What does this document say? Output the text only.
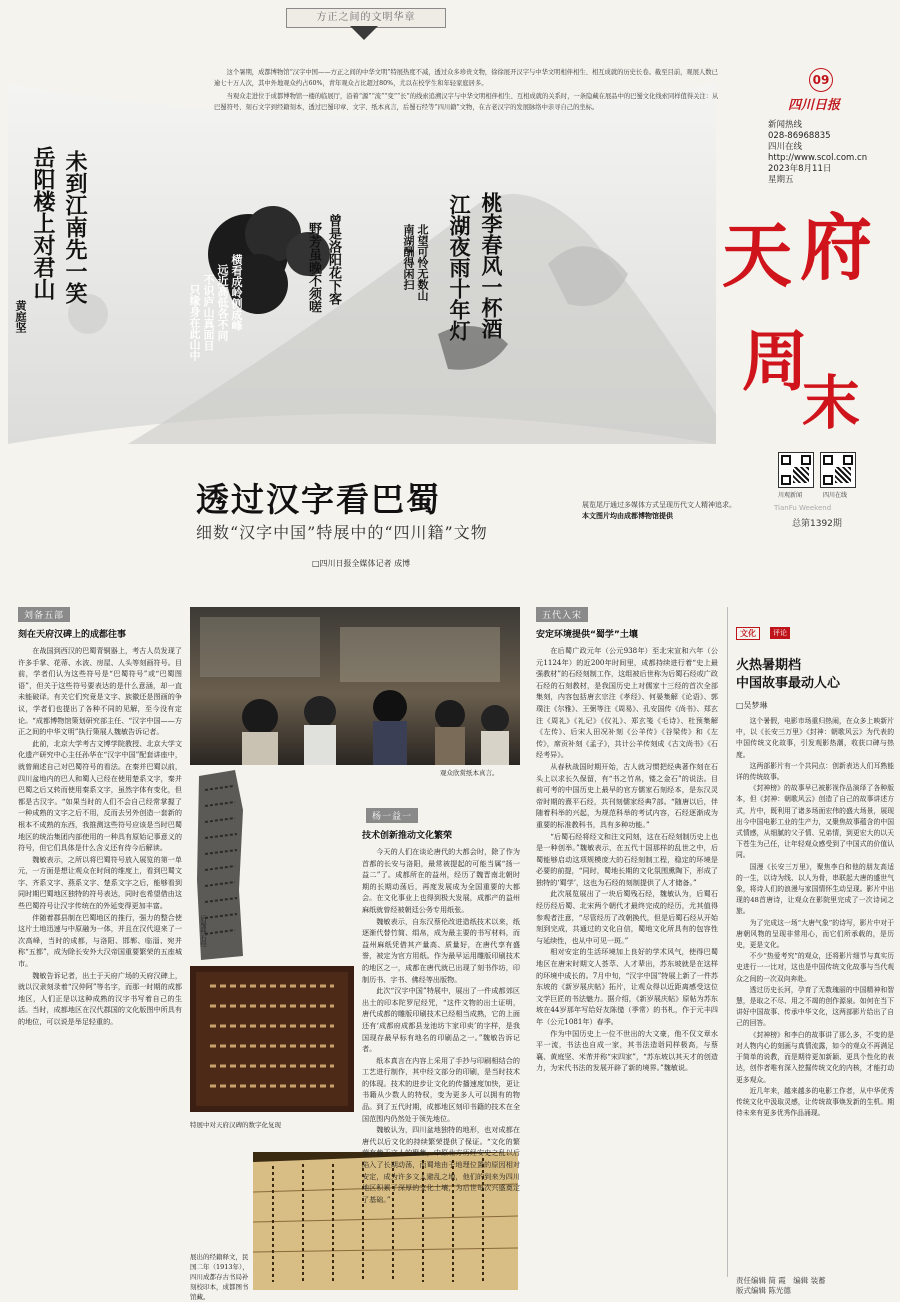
方正之间的文明华章
未到江南先一笑
岳阳楼上对君山
黄庭坚	桃李春风一杯酒
江湖夜雨十年灯
曾是洛阳花下客
野芳虽晚不须嗟	北望可怜无数山
南湖酬得闲扫
横看成岭侧成峰
远近高低各不同
不识庐山真面目
只缘身在此山中

这个暑期，成都博物馆“汉字中国——方正之间的中华文明”特展热度不减，透过众多珍贵文物，徐徐展开汉字与中华文明相伴相生、相互成就的历史长卷。截至目前，观展人数已逾七十万人次，其中外地观众约占60%，青年观众占比超过80%，尤以在校学生和年轻家庭居多。

当观众走进位于成都博物馆一楼的临展厅，沿着“源”“流”“变”“长”的线索追溯汉字与中华文明相伴相生、互相成就的关系时，一条隐藏在展品中的巴蜀文化线索同样值得关注：从巴蜀符号、刻石文字到经籍刻本，透过巴蜀印章、文字、纸本真言，后蜀石经等“四川籍”文物，在古老汉字的发展脉络中亲寻自己的坐标。

透过汉字看巴蜀
细数“汉字中国”特展中的“四川籍”文物
□四川日报全媒体记者 成博
展览尾厅通过多媒体方式呈现历代文人精神追求。
本文图片均由成都博物馆提供
09
四川日报
新闻热线
028-86968835
四川在线
http://www.scol.com.cn
2023年8月11日
星期五
天 府
周
末
TianFu Weekend
总第1392期
川观新闻	四川在线
刘备五部
刻在天府汉碑上的成都往事

在战国到西汉的巴蜀青铜器上，考古人员发现了许多手掌、花蒂、水波、房屋、人头等刻画符号。目前，学者们认为这些符号是“巴蜀符号”或“巴蜀图语”，但关于这些符号要表达的是什么意涵，却一直未能破译。有关它们究竟是文字、族徽还是图画的争议，学者们也提出了各种不同的见解，至今没有定论。“成都博物馆策划研究部主任、“汉字中国——方正之间的中华文明”执行策展人魏敏告诉记者。

此前，北京大学考古文博学院教授、北京大学文化遗产研究中心主任孙华在“汉字中国”配套讲座中，就曾阐述自己对巴蜀符号的看法。在秦并巴蜀以前，四川盆地内的巴人和蜀人已经在使用楚系文字，秦并巴蜀之后又转而使用秦系文字，虽然字体有变化，但都是古汉字。“如果当时的人们不会自己经常掌握了一种成熟的文字之后不用，反而去另外创造一套新的根本不成熟的东西，我推测这些符号应该是当时巴蜀地区的统治集团内部使用的一种具有原始记事意义的符号，但它们具体是什么含义还有待今后解读。

魏敏表示，之所以将巴蜀符号放入展览的第一单元，一方面是想让观众在时间的维度上，看到巴蜀文字、齐系文字、燕系文字、楚系文字之后，能够看到同时期巴蜀地区独特的符号表达，同时也希望借由这些巴蜀符号让汉字传统在的外延变得更加丰富。

伴随着郡县制在巴蜀地区的推行，强力的整合使这片土地迅速与中原融为一体，并且在汉代迎来了一次高峰，当时的成都，与洛阳、邯郸、临淄、宛并称“五都”，成为除长安外大汉帝国重要繁荣的五座城市。

魏敏告诉记者，出土于天府广场的天府汉碑上，就以汉隶刻录着“汉仲阿”等名字，而那一时期的成都地区，人们正是以这种成熟的汉字书写着自己的生活。当时，成都地区在汉代郡国的文化版图中所具有的地位，可以说是举足轻重的。

观众欣赏纸本真言。
后蜀残石经
特展中对天府汉碑的数字化复现
展出的经籍释文，民国二年（1913年），四川成都存古书局补刻校印本，成都图书馆藏。
杨一益一
技术创新推动文化繁荣

今天的人们在谈论唐代的大都会时，除了作为首都的长安与洛阳，最常被提起的可能当属“扬一益二”了。成都所在的益州，经历了魏晋南北朝时期的长期动荡后，再度发展成为全国重要的大都会。在文化事业上也得到极大发展，成都产的益州麻纸就曾经被朝廷公务专用纸张。

魏敏表示，自东汉蔡伦改进造纸技术以来，纸逐渐代替竹简、绢帛，成为最主要的书写材料，而益州麻纸凭借其产量高、质量好，在唐代享有盛誉，被定为官方用纸。作为最早运用雕版印刷技术的地区之一，成都在唐代就已出现了刻书作坊，印制历书、字书、佛经等出版物。

此次“汉字中国”特展中，展出了一件成都郊区出土的印本陀罗尼经咒，“这件文物的出土证明，唐代成都的雕版印刷技术已经相当成熟，它的上面还有‘成都府成都县龙池坊卞家印卖’的字样，是我国现存最早标有地名的印刷品之一。”魏敏告诉记者。

纸本真言在内容上采用了手抄与印刷相结合的工艺进行制作，其中经文部分的印刷，是当时技术的体现。技术的进步让文化的传播速度加快，更让书籍从少数人的特权，变为更多人可以拥有的物品。到了五代时期，成都地区刻印书籍的技术在全国范围内仍然处于领先地位。

魏敏认为，四川盆地独特的地形，也对成都在唐代以后文化的持续繁荣提供了保证。“文化的繁荣有赖于文人的聚集，中原北方历经安史之乱以后陷入了长期动荡，而蜀地由于地理位置的原因相对安定，成为许多文人避乱之地，他们的到来为四川地区积累了深厚的文化土壤，为后世每次兴盛奠定了基础。”

五代入宋
安定环境提供“蜀学”土壤

在后蜀广政元年（公元938年）至北宋宣和六年（公元1124年）的近200年时间里，成都持续进行着“史上最强教材”的石经刻制工作，这组被后世称为后蜀石经或广政石经的石刻教材，是我国历史上对儒家十三经的首次全部集刻，内容包括唐玄宗注《孝经》、何晏集解《论语》、郭璞注《尔雅》、王弼等注《周易》、孔安国传《尚书》、郑玄注《周礼》《礼记》《仪礼》、郑玄笺《毛诗》、杜预集解《左传》、后宋人田况补刻《公羊传》《谷梁传》和《左传》，席贡补刻《孟子》，共计公羊传刻成《古文尚书》《石经考异》。

从春秋战国时期开始，古人就习惯把经典著作刻在石头上以求长久保留，有“书之竹帛，镂之金石”的说法。目前可考的中国历史上最早的官方儒家石刻经本，是东汉灵帝时期的熹平石经，共刊刻儒家经典7部。“随唐以后，伴随着科举的兴起，为规范科举的考试内容，石经逐渐成为重要的标准教科书，具有多种功能。”

“后蜀石经将经文和注文同刻，这在石经刻制历史上也是一种创举。”魏敏表示，在五代十国那样的乱世之中，后蜀能够启动这项规模庞大的石经刻制工程，稳定的环境是必要的前提，“同时，蜀地长期的文化氛围熏陶下，形成了独特的‘蜀学’，这也为石经的刻制提供了人才储备。”

此次展览展出了一块后蜀残石经，魏敏认为，后蜀石经历经后蜀、北宋两个朝代才最终完成的经历，尤其值得参观者注意，“尽管经历了改朝换代，但是后蜀石经从开始刻到完成，共通过的文化自信，蜀地文化所具有的包容性与延续性，也从中可见一斑。”

相对安定的生活环境加上良好的学术风气，使得巴蜀地区在唐宋时期文人荟萃、人才辈出，苏东坡就是在这样的环境中成长的。7月中旬，“汉字中国”特展上新了一件苏东坡的《新岁展庆帖》拓片，让观众得以近距离感受这位文学巨匠的书法魅力。据介绍，《新岁展庆帖》原帖为苏东坡在44岁那年写给好友陈慥（季常）的书札，作于元丰四年（公元1081年）春季。

作为中国历史上一位不世出的大文豪，他不仅文章水平一流，书法也自成一家，其书法造诣同样极高，与蔡襄、黄庭坚、米芾并称“宋四家”，“苏东坡以其天才的创造力，为宋代书法的发展开辟了新的境界。”魏敏说。

文化	评论
火热暑期档
中国故事最动人心
□吴梦琳

这个暑假，电影市场重归热闹，在众多上映新片中，以《长安三万里》《封神：朝歌风云》为代表的中国传统文化故事，引发观影热潮，收获口碑与热度。

这两部影片有一个共同点：创新表达人们耳熟能详的传统故事。

《封神榜》的故事早已被影视作品演绎了各种版本，但《封神：朝歌风云》创造了自己的故事讲述方式，片中，既利用了诸多场面宏伟的盛大场景，展现出今中国电影工业的生产力，又聚焦故事蕴含的中国式情感，从细腻的父子情、兄弟情，到更宏大的以天下苍生为己任，让年轻观众感受到了中国式的价值认同。

国漫《长安三万里》，聚焦李白和他的朋友高适的一生，以诗为线、以人为骨，串联起大唐的盛世气象，将诗人们的浪漫与家国情怀生动呈现。影片中出现的48首唐诗，让观众在影院里完成了一次诗词之旅。

为了完成这一场“大唐气象”的诗写，影片中对于唐朝风物的呈现非常用心，而它们所承载的，是历史，更是文化。

不少“热爱考究”的观众，还将影片细节与真实历史进行一一比对，这也是中国传统文化故事与当代观众之间的一次双向奔赴。

透过历史长河，孕育了无数瑰丽的中国精神和智慧，是取之不尽、用之不竭的创作源泉。如何在当下讲好中国故事、传承中华文化，这两部影片给出了自己的回答。

《封神榜》和李白的故事讲了那么多，不变的是对人物内心的刻画与真情流露，如今的观众不再满足于简单的说教，而是期待更加新颖、更具个性化的表达，创作者唯有深入挖掘传统文化的内核，才能打动更多观众。

近几年来，越来越多的电影工作者，从中华优秀传统文化中汲取灵感，让传统故事焕发新的生机。期待未来有更多优秀作品涌现。

责任编辑 简 霞　编辑 装蓄
版式编辑 陈光德
